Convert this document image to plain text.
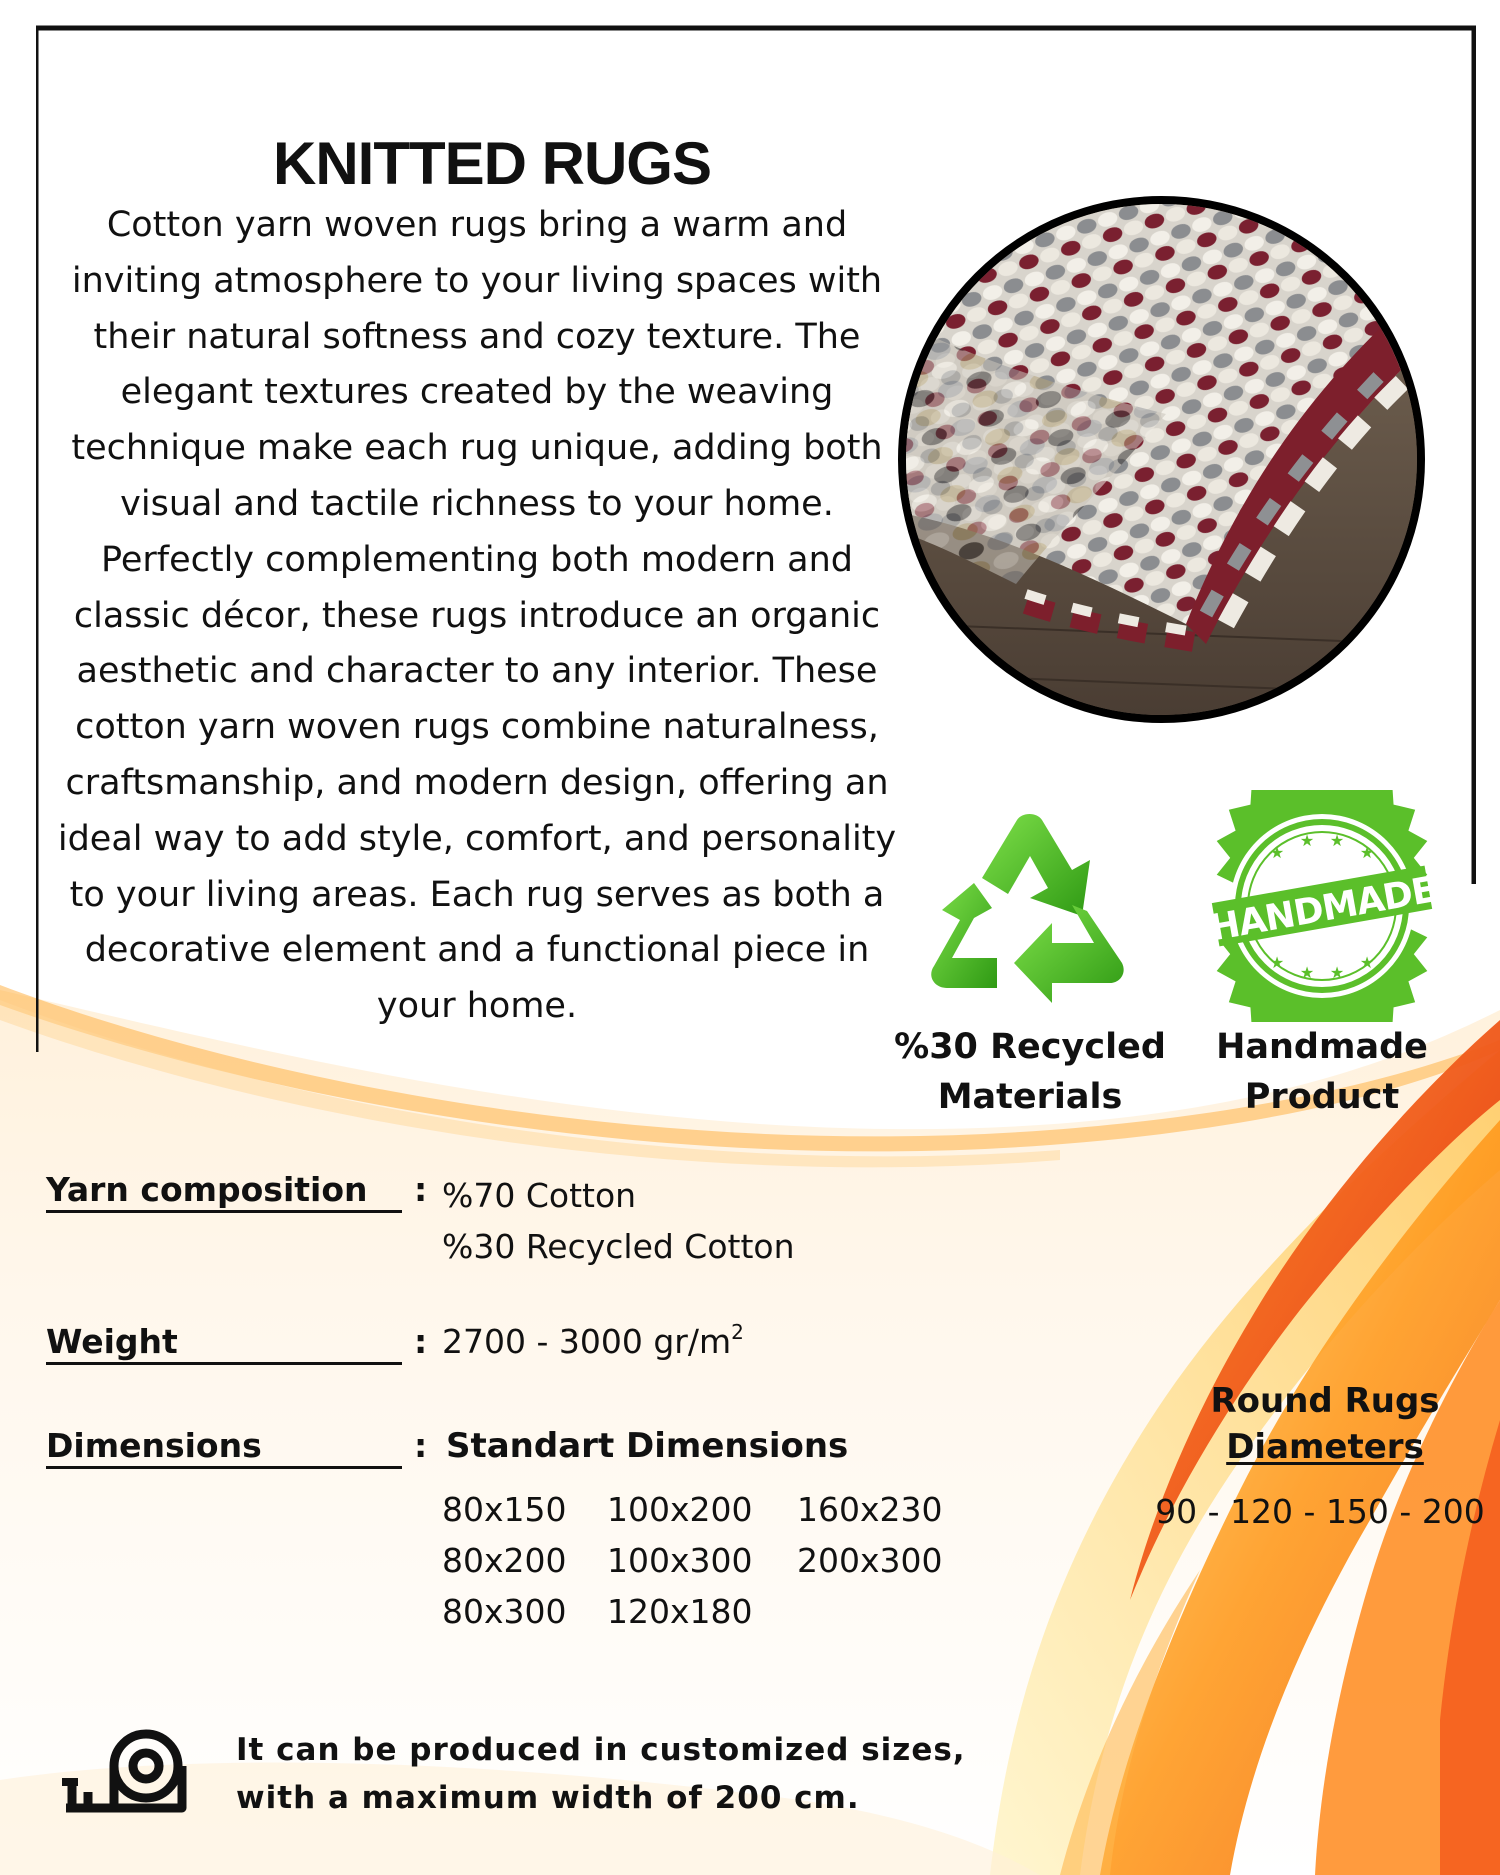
KNITTED RUGS

Cotton yarn woven rugs bring a warm and inviting atmosphere to your living spaces with their natural softness and cozy texture. The elegant textures created by the weaving technique make each rug unique, adding both visual and tactile richness to your home. Perfectly complementing both modern and classic décor, these rugs introduce an organic aesthetic and character to any interior. These cotton yarn woven rugs combine naturalness, craftsmanship, and modern design, offering an ideal way to add style, comfort, and personality to your living areas. Each rug serves as both a decorative element and a functional piece in your home.

★
★ ★
★
★
★ ★
★
HANDMADE
%30 Recycled
Materials
Handmade
Product
Yarn composition	: %70 Cotton
%30 Recycled Cotton
Weight	: 2700 - 3000 $gr/m^2$
Dimensions	: Standart Dimensions
80x150	100x200	160x230
80x200	100x300	200x300
80x300	120x180
Round Rugs
Diameters
90 - 120 - 150 - 200
It can be produced in customized sizes,
with a maximum width of 200 cm.
